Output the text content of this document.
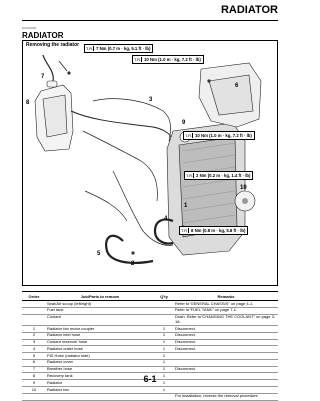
RADIATOR
EAS20090
RADIATOR
Removing the radiator
T.R. 7 Nm (0.7 m · kg, 5.1 ft · lb)
T.R. 10 Nm (1.0 m · kg, 7.2 ft · lb)
T.R. 10 Nm (1.0 m · kg, 7.2 ft · lb)
T.R. 2 Nm (0.2 m · kg, 1.4 ft · lb)
T.R. 8 Nm (0.8 m · kg, 5.8 ft · lb)
1
2
3
4
5
6
7
8
9
10
Order	Job/Parts to remove	Q'ty	Remarks
	Seat/Air scoop (left/right)		Refer to"GENERAL CHASSIS" on page 4-1.
	Fuel tank		Refer to"FUEL TANK" on page 7-1.
	Coolant		Drain. Refer to"CHANGING THE COOLANT" on page 3-18.
1	Radiator fan motor coupler	1	Disconnect.
2	Radiator inlet hose	1	Disconnect.
3	Coolant reservoir hose	1	Disconnect.
4	Radiator outlet hose	1	Disconnect.
5	FID Hose (radiator side)	1	
6	Radiator cover	1	
7	Breather hose	1	Disconnect.
8	Recovery tank	1	
9	Radiator	1	
10	Radiator fan	1	
			For installation, reverse the removal procedure.
6-1
